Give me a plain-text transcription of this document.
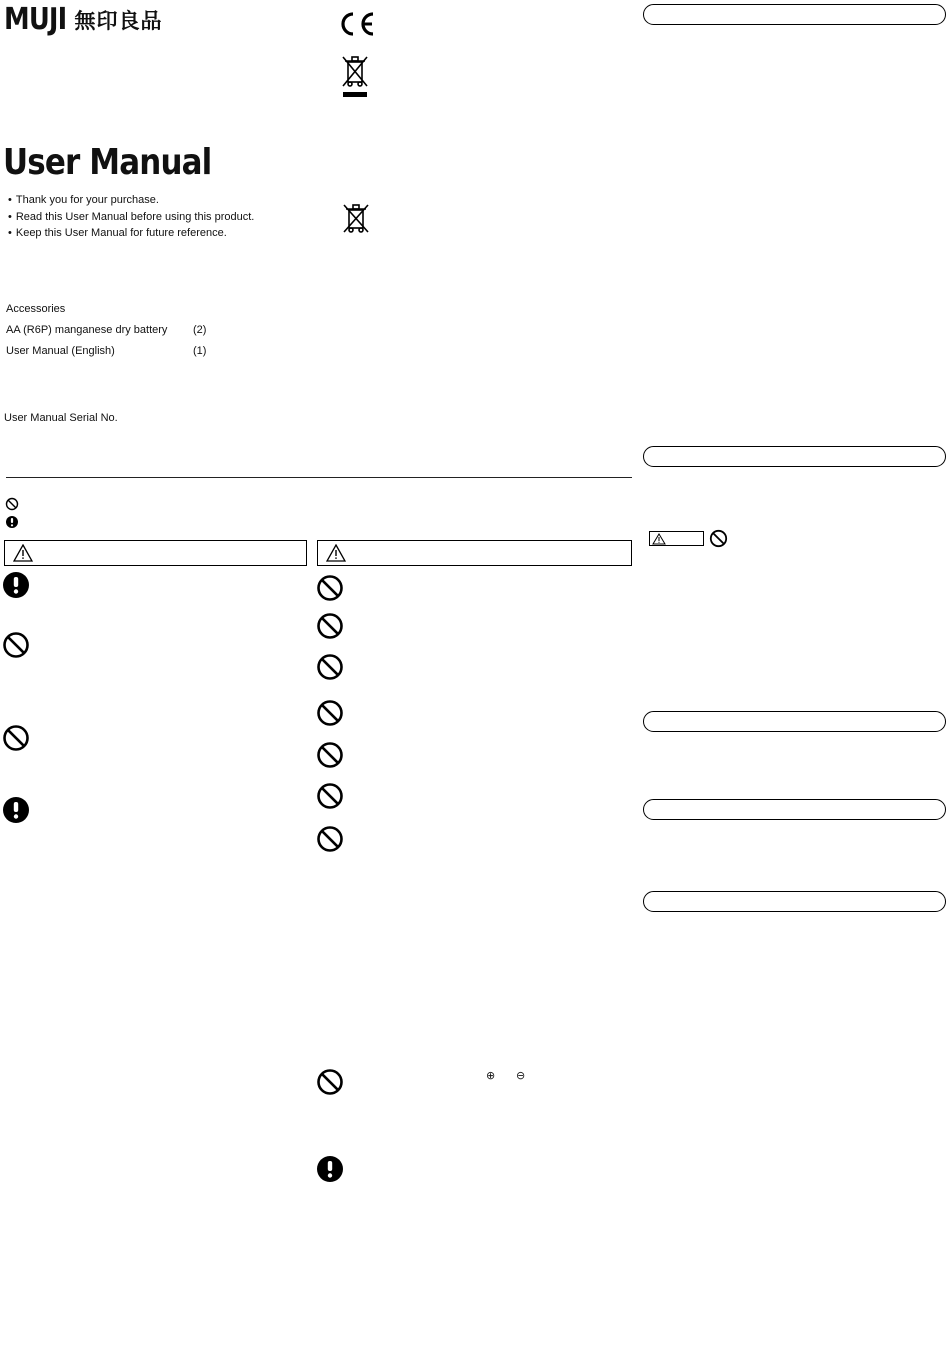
MUJI 無印良品
User Manual
• Thank you for your purchase.
• Read this User Manual before using this product.
• Keep this User Manual for future reference.
Accessories
AA (R6P) manganese dry battery (2)
User Manual (English)	(1)
User Manual Serial No.
⊕ ⊖
